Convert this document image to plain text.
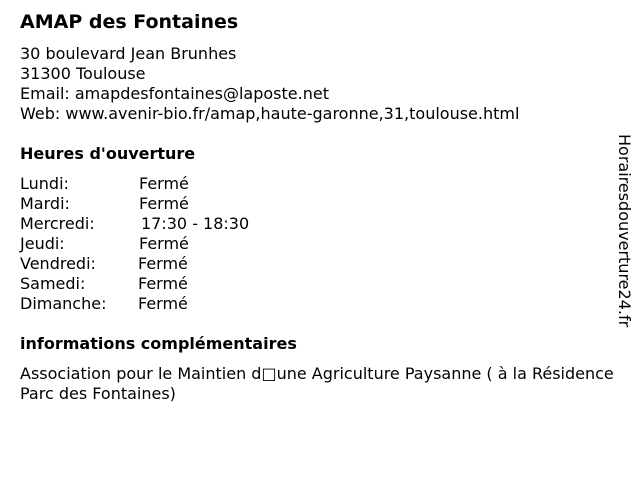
AMAP des Fontaines
30 boulevard Jean Brunhes
31300 Toulouse
Email: amapdesfontaines@laposte.net
Web: www.avenir-bio.fr/amap,haute-garonne,31,toulouse.html
Heures d'ouverture
Lundi:	Fermé
Mardi:	Fermé
Mercredi:	17:30 - 18:30
Jeudi:	Fermé
Vendredi:	Fermé
Samedi:	Fermé
Dimanche:	Fermé
informations complémentaires
Association pour le Maintien d□une Agriculture Paysanne ( à la Résidence Parc des Fontaines)
Horairesdouverture24.fr
